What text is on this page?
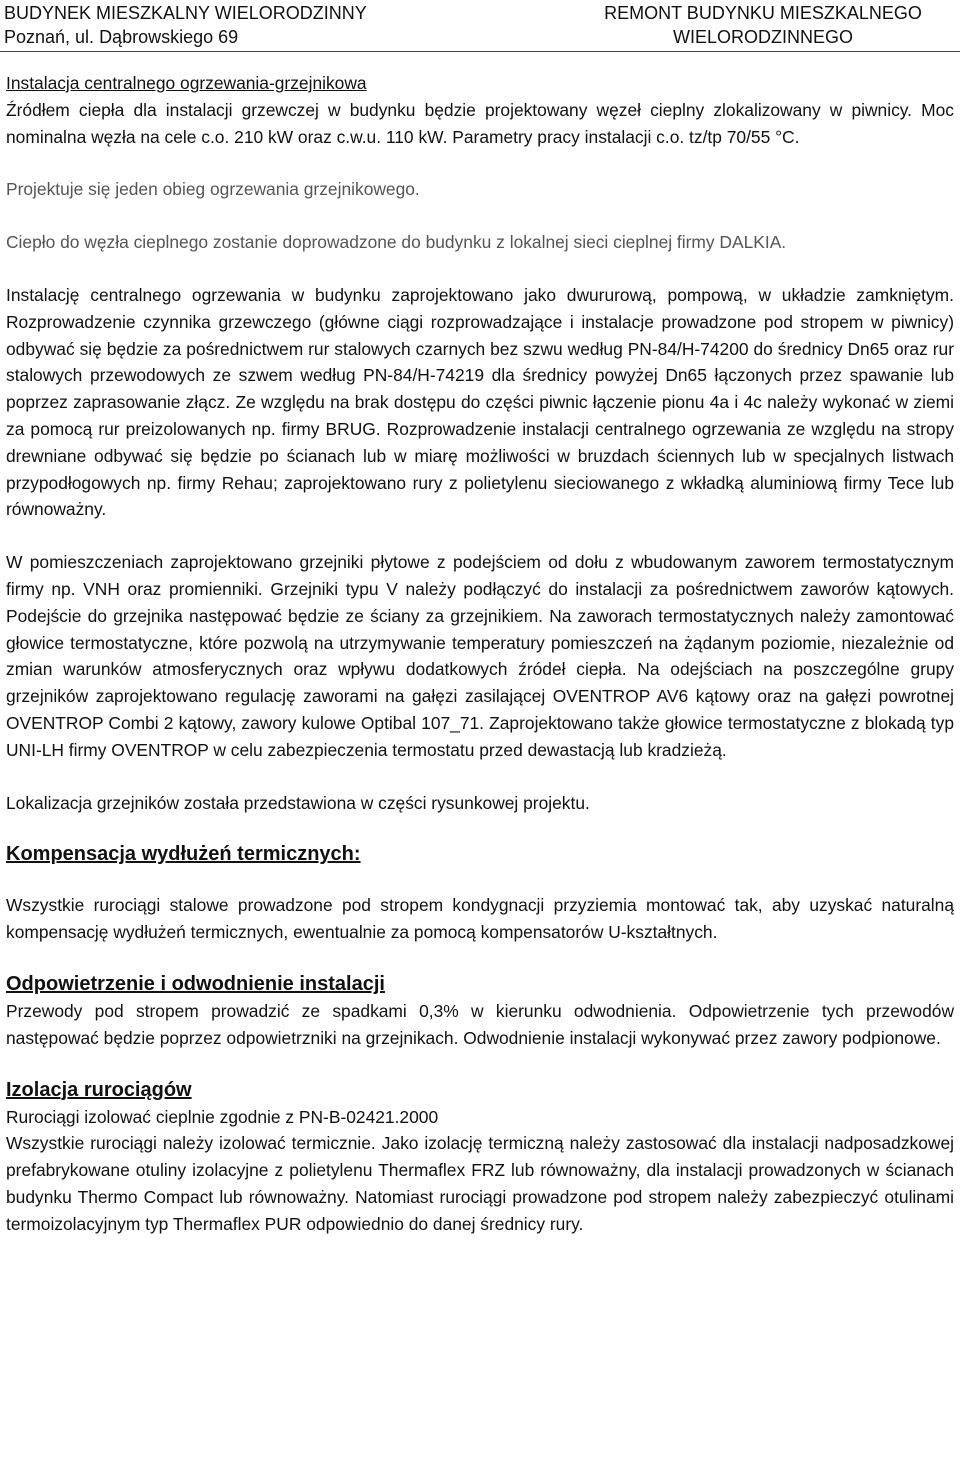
BUDYNEK MIESZKALNY WIELORODZINNY
Poznań, ul. Dąbrowskiego 69
REMONT BUDYNKU MIESZKALNEGO
WIELORODZINNEGO
Instalacja centralnego ogrzewania-grzejnikowa

Źródłem ciepła dla instalacji grzewczej w budynku będzie projektowany węzeł cieplny zlokalizowany w piwnicy. Moc nominalna węzła na cele c.o. 210 kW oraz c.w.u. 110 kW. Parametry pracy instalacji c.o. tz/tp 70/55 °C.

Projektuje się jeden obieg ogrzewania grzejnikowego.

Ciepło do węzła cieplnego zostanie doprowadzone do budynku z lokalnej sieci cieplnej firmy DALKIA.

Instalację centralnego ogrzewania w budynku zaprojektowano jako dwururową, pompową, w układzie zamkniętym. Rozprowadzenie czynnika grzewczego (główne ciągi rozprowadzające i instalacje prowadzone pod stropem w piwnicy) odbywać się będzie za pośrednictwem rur stalowych czarnych bez szwu według PN-84/H-74200 do średnicy Dn65 oraz rur stalowych przewodowych ze szwem według PN-84/H-74219 dla średnicy powyżej Dn65 łączonych przez spawanie lub poprzez zaprasowanie złącz. Ze względu na brak dostępu do części piwnic łączenie pionu 4a i 4c należy wykonać w ziemi za pomocą rur preizolowanych np. firmy BRUG. Rozprowadzenie instalacji centralnego ogrzewania ze względu na stropy drewniane odbywać się będzie po ścianach lub w miarę możliwości w bruzdach ściennych lub w specjalnych listwach przypodłogowych np. firmy Rehau; zaprojektowano rury z polietylenu sieciowanego z wkładką aluminiową firmy Tece lub równoważny.

W pomieszczeniach zaprojektowano grzejniki płytowe z podejściem od dołu z wbudowanym zaworem termostatycznym firmy np. VNH oraz promienniki. Grzejniki typu V należy podłączyć do instalacji za pośrednictwem zaworów kątowych. Podejście do grzejnika następować będzie ze ściany za grzejnikiem. Na zaworach termostatycznych należy zamontować głowice termostatyczne, które pozwolą na utrzymywanie temperatury pomieszczeń na żądanym poziomie, niezależnie od zmian warunków atmosferycznych oraz wpływu dodatkowych źródeł ciepła. Na odejściach na poszczególne grupy grzejników zaprojektowano regulację zaworami na gałęzi zasilającej OVENTROP AV6 kątowy oraz na gałęzi powrotnej OVENTROP Combi 2 kątowy, zawory kulowe Optibal 107_71. Zaprojektowano także głowice termostatyczne z blokadą typ UNI-LH firmy OVENTROP w celu zabezpieczenia termostatu przed dewastacją lub kradzieżą.

Lokalizacja grzejników została przedstawiona w części rysunkowej projektu.

Kompensacja wydłużeń termicznych:

Wszystkie rurociągi stalowe prowadzone pod stropem kondygnacji przyziemia montować tak, aby uzyskać naturalną kompensację wydłużeń termicznych, ewentualnie za pomocą kompensatorów U-kształtnych.

Odpowietrzenie i odwodnienie instalacji

Przewody pod stropem prowadzić ze spadkami 0,3% w kierunku odwodnienia. Odpowietrzenie tych przewodów następować będzie poprzez odpowietrzniki na grzejnikach. Odwodnienie instalacji wykonywać przez zawory podpionowe.

Izolacja rurociągów

Rurociągi izolować cieplnie zgodnie z PN-B-02421.2000

Wszystkie rurociągi należy izolować termicznie. Jako izolację termiczną należy zastosować dla instalacji nadposadzkowej prefabrykowane otuliny izolacyjne z polietylenu Thermaflex FRZ lub równoważny, dla instalacji prowadzonych w ścianach budynku Thermo Compact lub równoważny. Natomiast rurociągi prowadzone pod stropem należy zabezpieczyć otulinami termoizolacyjnym typ Thermaflex PUR odpowiednio do danej średnicy rury.
